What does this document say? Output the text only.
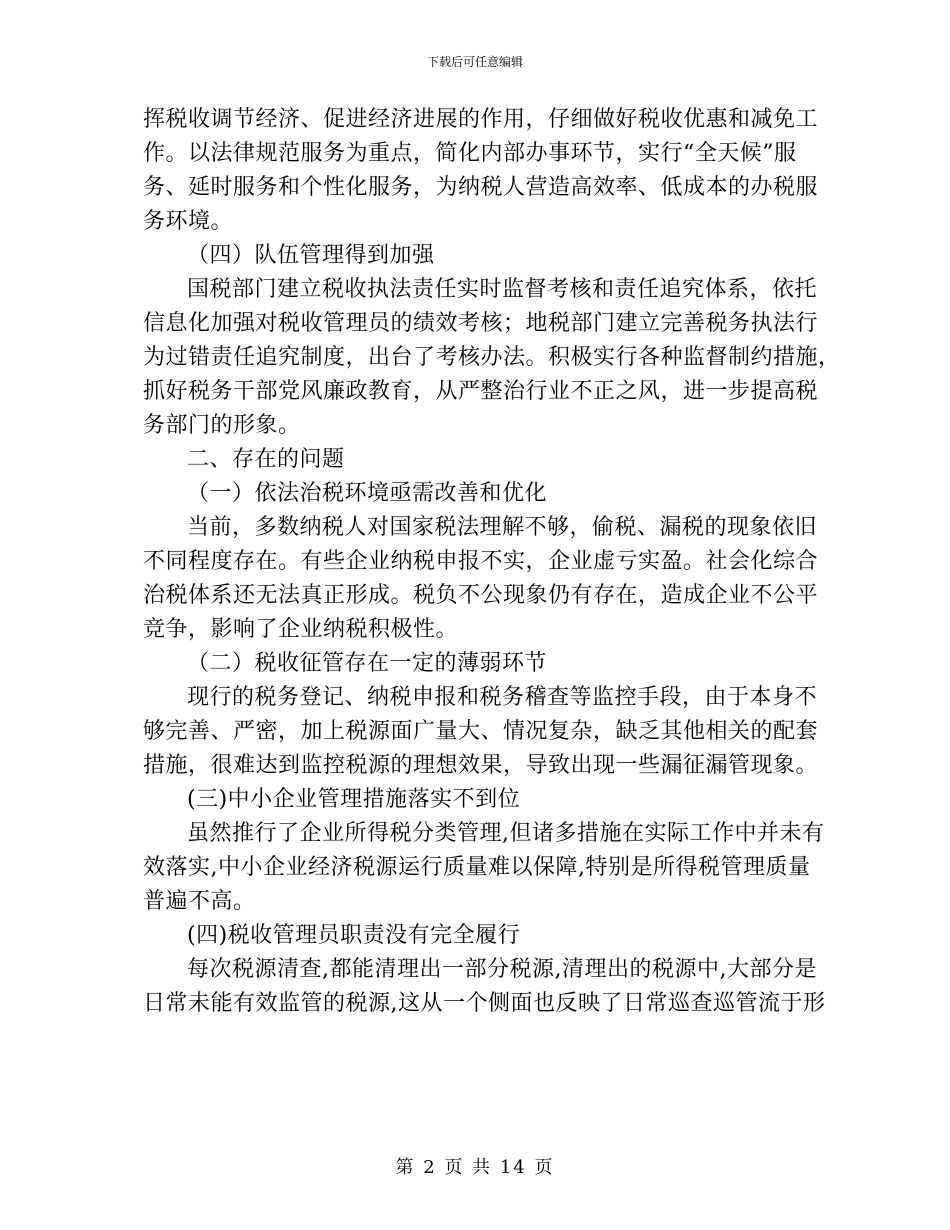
下载后可任意编辑
挥税收调节经济、促进经济进展的作用，仔细做好税收优惠和减免工
作。以法律规范服务为重点，简化内部办事环节，实行“全天候”服
务、延时服务和个性化服务，为纳税人营造高效率、低成本的办税服
务环境。
（四）队伍管理得到加强
国税部门建立税收执法责任实时监督考核和责任追究体系，依托
信息化加强对税收管理员的绩效考核；地税部门建立完善税务执法行
为过错责任追究制度，出台了考核办法。积极实行各种监督制约措施，
抓好税务干部党风廉政教育，从严整治行业不正之风，进一步提高税
务部门的形象。
二、存在的问题
（一）依法治税环境亟需改善和优化
当前，多数纳税人对国家税法理解不够，偷税、漏税的现象依旧
不同程度存在。有些企业纳税申报不实，企业虚亏实盈。社会化综合
治税体系还无法真正形成。税负不公现象仍有存在，造成企业不公平
竞争，影响了企业纳税积极性。
（二）税收征管存在一定的薄弱环节
现行的税务登记、纳税申报和税务稽查等监控手段，由于本身不
够完善、严密，加上税源面广量大、情况复杂，缺乏其他相关的配套
措施，很难达到监控税源的理想效果，导致出现一些漏征漏管现象。
(三)中小企业管理措施落实不到位
虽然推行了企业所得税分类管理,但诸多措施在实际工作中并未有
效落实,中小企业经济税源运行质量难以保障,特别是所得税管理质量
普遍不高。
(四)税收管理员职责没有完全履行
每次税源清查,都能清理出一部分税源,清理出的税源中,大部分是
日常未能有效监管的税源,这从一个侧面也反映了日常巡查巡管流于形
第 2 页 共 14 页
